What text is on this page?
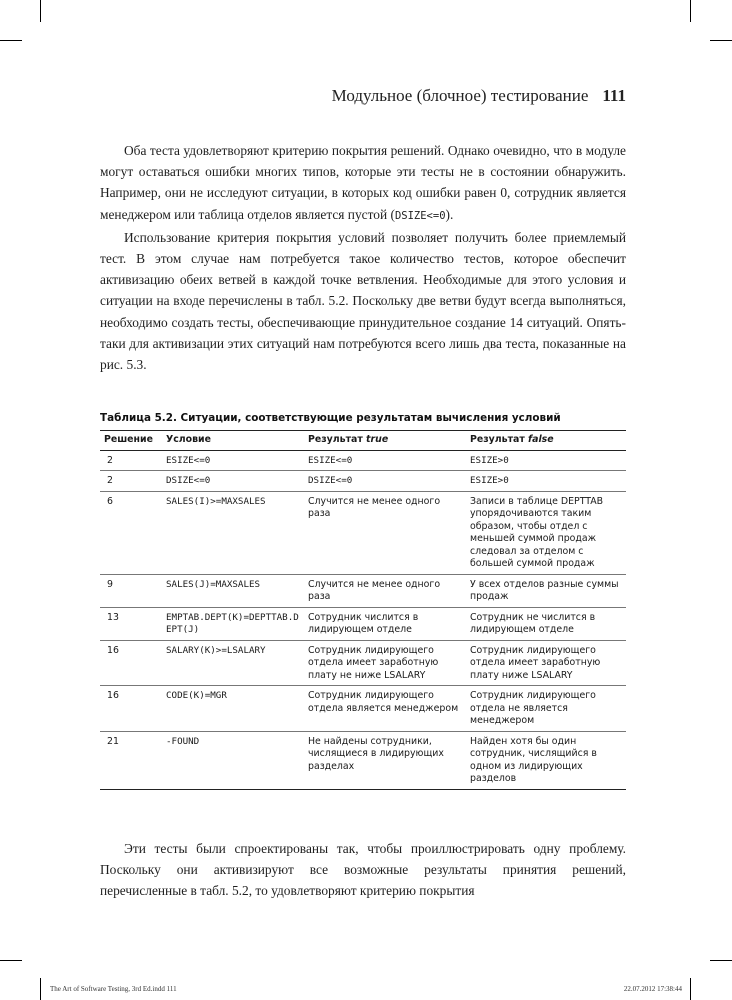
Модульное (блочное) тестирование 111

Оба теста удовлетворяют критерию покрытия решений. Однако очевидно, что в модуле могут оставаться ошибки многих типов, которые эти тесты не в состоянии обнаружить. Например, они не исследуют ситуации, в которых код ошибки равен 0, сотрудник является менеджером или таблица отделов является пустой (DSIZE<=0).

Использование критерия покрытия условий позволяет получить более приемлемый тест. В этом случае нам потребуется такое количество тестов, которое обеспечит активизацию обеих ветвей в каждой точке ветвления. Необходимые для этого условия и ситуации на входе перечислены в табл. 5.2. Поскольку две ветви будут всегда выполняться, необходимо создать тесты, обеспечивающие принудительное создание 14 ситуаций. Опять-таки для активизации этих ситуаций нам потребуются всего лишь два теста, показанные на рис. 5.3.

Таблица 5.2. Ситуации, соответствующие результатам вычисления условий
Решение	Условие	Результат true	Результат false
2	ESIZE<=0	ESIZE<=0	ESIZE>0
2	DSIZE<=0	DSIZE<=0	ESIZE>0
6	SALES(I)>=MAXSALES	Случится не менее одного раза	Записи в таблице DEPTTAB упорядочиваются таким образом, чтобы отдел с меньшей суммой продаж следовал за отделом с большей суммой продаж
9	SALES(J)=MAXSALES	Случится не менее одного раза	У всех отделов разные суммы продаж
13	EMPTAB.DEPT(K)=DEPTTAB.DEPT(J)	Сотрудник числится в лидирующем отделе	Сотрудник не числится в лидирующем отделе
16	SALARY(K)>=LSALARY	Сотрудник лидирующего отдела имеет заработную плату не ниже LSALARY	Сотрудник лидирующего отдела имеет заработную плату ниже LSALARY
16	CODE(K)=MGR	Сотрудник лидирующего отдела является менеджером	Сотрудник лидирующего отдела не является менеджером
21	-FOUND	Не найдены сотрудники, числящиеся в лидирующих разделах	Найден хотя бы один сотрудник, числящийся в одном из лидирующих разделов

Эти тесты были спроектированы так, чтобы проиллюстрировать одну проблему. Поскольку они активизируют все возможные результаты принятия решений, перечисленные в табл. 5.2, то удовлетворяют критерию покрытия

The Art of Software Testing, 3rd Ed.indd 111	22.07.2012 17:38:44
